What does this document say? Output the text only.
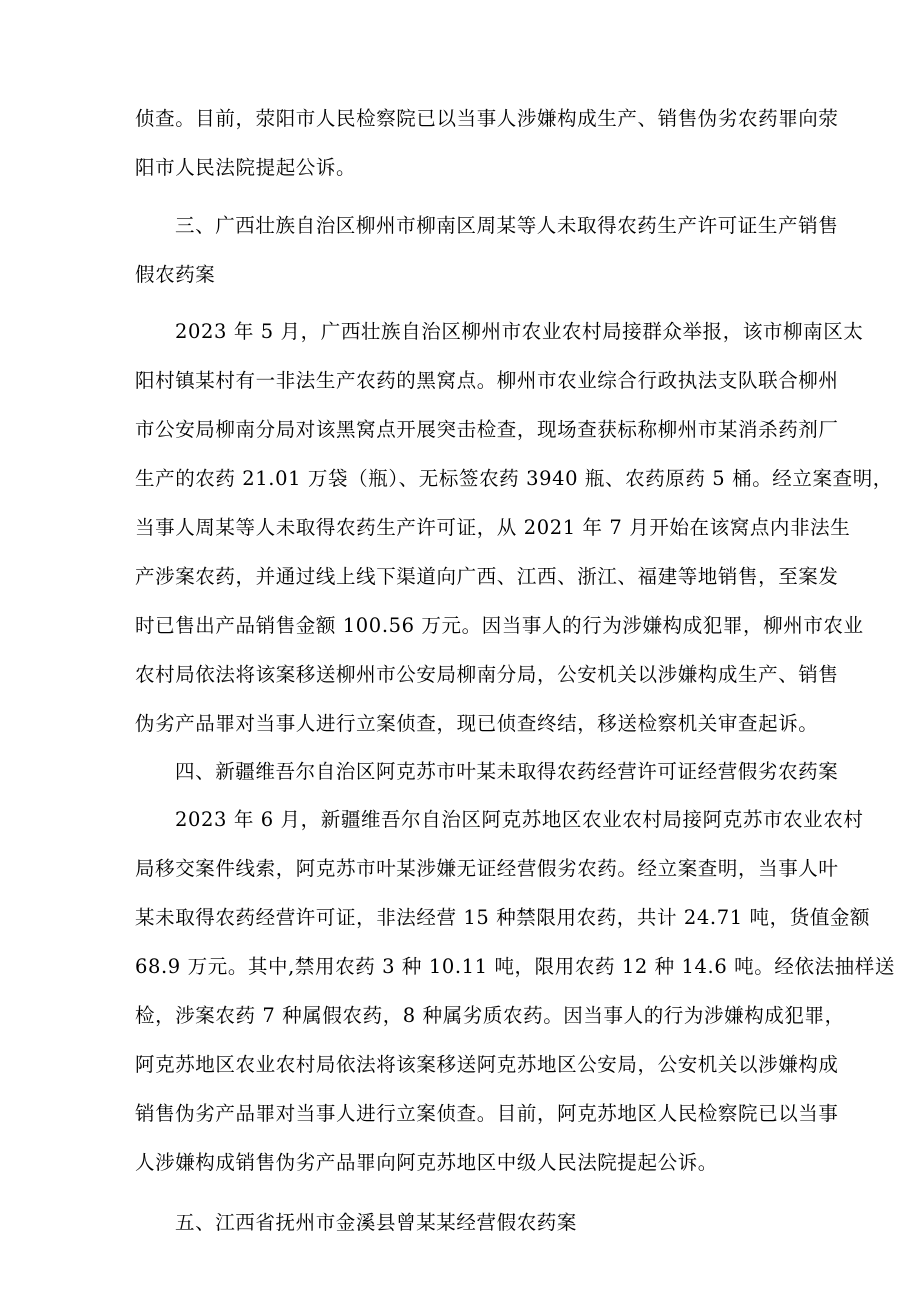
侦查。目前，荥阳市人民检察院已以当事人涉嫌构成生产、销售伪劣农药罪向荥
阳市人民法院提起公诉。
三、广西壮族自治区柳州市柳南区周某等人未取得农药生产许可证生产销售
假农药案
2023 年 5 月，广西壮族自治区柳州市农业农村局接群众举报，该市柳南区太
阳村镇某村有一非法生产农药的黑窝点。柳州市农业综合行政执法支队联合柳州
市公安局柳南分局对该黑窝点开展突击检查，现场查获标称柳州市某消杀药剂厂
生产的农药 21.01 万袋（瓶）、无标签农药 3940 瓶、农药原药 5 桶。经立案查明，
当事人周某等人未取得农药生产许可证，从 2021 年 7 月开始在该窝点内非法生
产涉案农药，并通过线上线下渠道向广西、江西、浙江、福建等地销售，至案发
时已售出产品销售金额 100.56 万元。因当事人的行为涉嫌构成犯罪，柳州市农业
农村局依法将该案移送柳州市公安局柳南分局，公安机关以涉嫌构成生产、销售
伪劣产品罪对当事人进行立案侦查，现已侦查终结，移送检察机关审查起诉。
四、新疆维吾尔自治区阿克苏市叶某未取得农药经营许可证经营假劣农药案
2023 年 6 月，新疆维吾尔自治区阿克苏地区农业农村局接阿克苏市农业农村
局移交案件线索，阿克苏市叶某涉嫌无证经营假劣农药。经立案查明，当事人叶
某未取得农药经营许可证，非法经营 15 种禁限用农药，共计 24.71 吨，货值金额
68.9 万元。其中,禁用农药 3 种 10.11 吨，限用农药 12 种 14.6 吨。经依法抽样送
检，涉案农药 7 种属假农药，8 种属劣质农药。因当事人的行为涉嫌构成犯罪，
阿克苏地区农业农村局依法将该案移送阿克苏地区公安局，公安机关以涉嫌构成
销售伪劣产品罪对当事人进行立案侦查。目前，阿克苏地区人民检察院已以当事
人涉嫌构成销售伪劣产品罪向阿克苏地区中级人民法院提起公诉。
五、江西省抚州市金溪县曾某某经营假农药案
